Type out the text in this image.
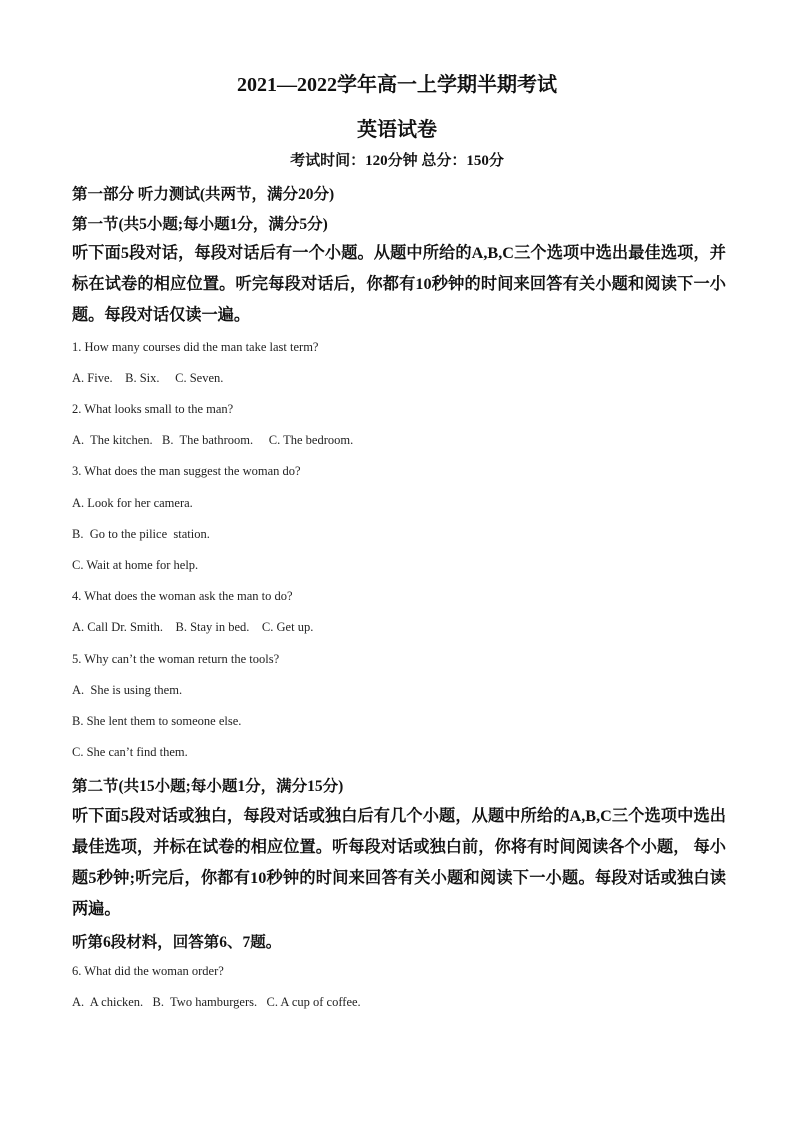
2021—2022学年高一上学期半期考试
英语试卷
考试时间：120分钟 总分：150分
第一部分 听力测试(共两节，满分20分)
第一节(共5小题;每小题1分，满分5分)
听下面5段对话，每段对话后有一个小题。从题中所给的A,B,C三个选项中选出最佳选项，并标在试卷的相应位置。听完每段对话后，你都有10秒钟的时间来回答有关小题和阅读下一小题。每段对话仅读一遍。
1. How many courses did the man take last term?
A. Five.    B. Six.     C. Seven.
2. What looks small to the man?
A.  The kitchen.   B.  The bathroom.     C. The bedroom.
3. What does the man suggest the woman do?
A. Look for her camera.
B.  Go to the pilice  station.
C. Wait at home for help.
4. What does the woman ask the man to do?
A. Call Dr. Smith.    B. Stay in bed.    C. Get up.
5. Why can’t the woman return the tools?
A.  She is using them.
B. She lent them to someone else.
C. She can’t find them.
第二节(共15小题;每小题1分，满分15分)
听下面5段对话或独白，每段对话或独白后有几个小题，从题中所给的A,B,C三个选项中选出最佳选项，并标在试卷的相应位置。听每段对话或独白前，你将有时间阅读各个小题， 每小题5秒钟;听完后，你都有10秒钟的时间来回答有关小题和阅读下一小题。每段对话或独白读两遍。
听第6段材料，回答第6、7题。
6. What did the woman order?
A.  A chicken.   B.  Two hamburgers.   C. A cup of coffee.
